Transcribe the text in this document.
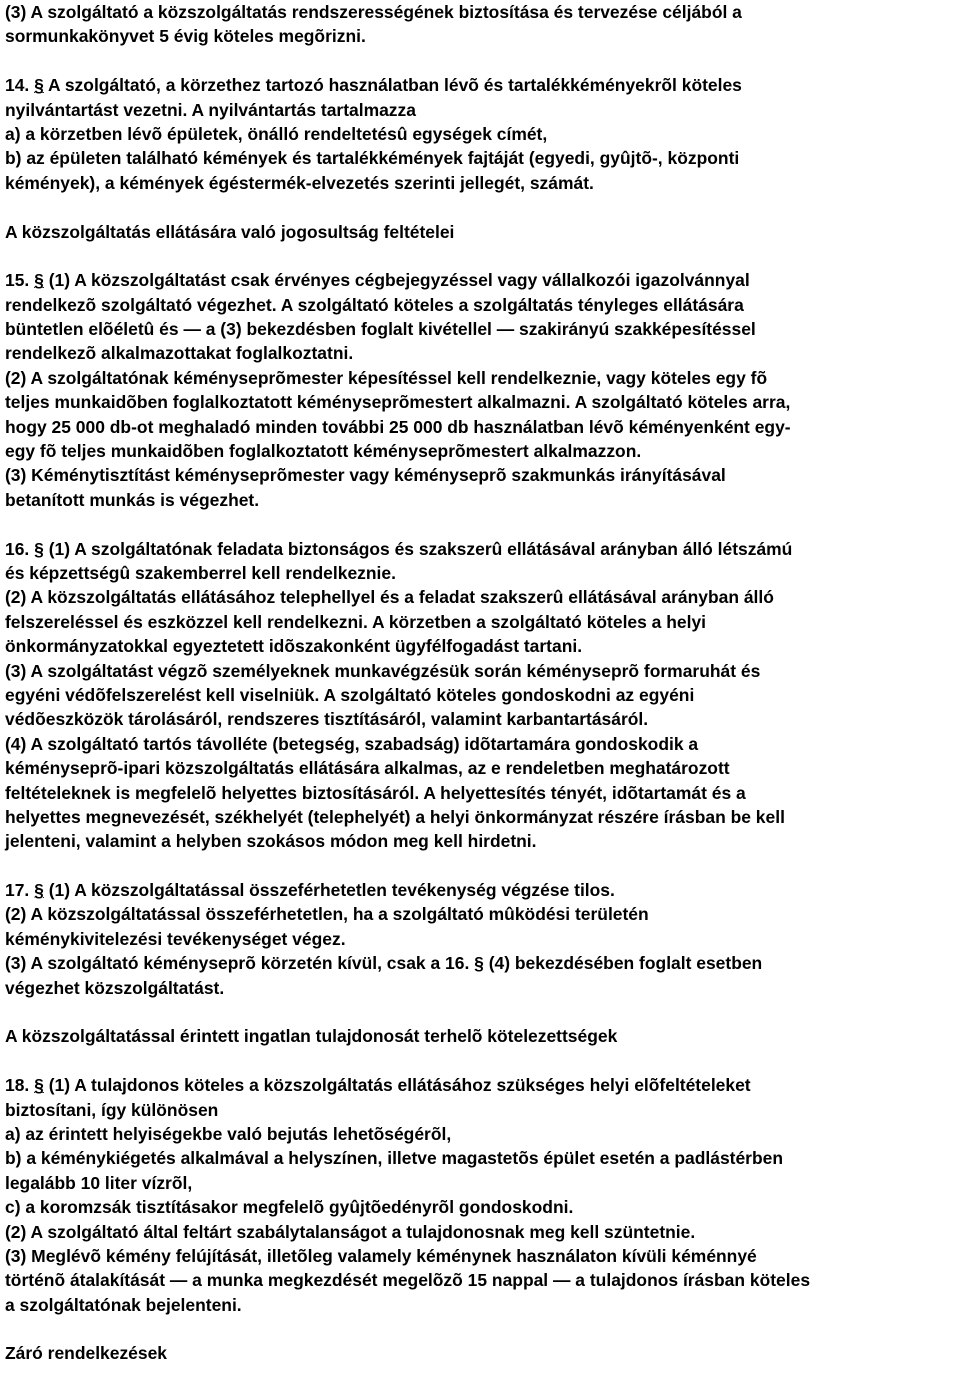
(3) A szolgáltató a közszolgáltatás rendszerességének biztosítása és tervezése céljából a
sormunkakönyvet 5 évig köteles megõrizni.
14. § A szolgáltató, a körzethez tartozó használatban lévõ és tartalékkéményekrõl köteles
nyilvántartást vezetni. A nyilvántartás tartalmazza
a) a körzetben lévõ épületek, önálló rendeltetésû egységek címét,
b) az épületen található kémények és tartalékkémények fajtáját (egyedi, gyûjtõ-, központi
kémények), a kémények égéstermék-elvezetés szerinti jellegét, számát.
A közszolgáltatás ellátására való jogosultság feltételei
15. § (1) A közszolgáltatást csak érvényes cégbejegyzéssel vagy vállalkozói igazolvánnyal
rendelkezõ szolgáltató végezhet. A szolgáltató köteles a szolgáltatás tényleges ellátására
büntetlen elõéletû és — a (3) bekezdésben foglalt kivétellel — szakirányú szakképesítéssel
rendelkezõ alkalmazottakat foglalkoztatni.
(2) A szolgáltatónak kéményseprõmester képesítéssel kell rendelkeznie, vagy köteles egy fõ
teljes munkaidõben foglalkoztatott kéményseprõmestert alkalmazni. A szolgáltató köteles arra,
hogy 25 000 db-ot meghaladó minden további 25 000 db használatban lévõ kéményenként egy-
egy fõ teljes munkaidõben foglalkoztatott kéményseprõmestert alkalmazzon.
(3) Kéménytisztítást kéményseprõmester vagy kéményseprõ szakmunkás irányításával
betanított munkás is végezhet.
16. § (1) A szolgáltatónak feladata biztonságos és szakszerû ellátásával arányban álló létszámú
és képzettségû szakemberrel kell rendelkeznie.
(2) A közszolgáltatás ellátásához telephellyel és a feladat szakszerû ellátásával arányban álló
felszereléssel és eszközzel kell rendelkezni. A körzetben a szolgáltató köteles a helyi
önkormányzatokkal egyeztetett idõszakonként ügyfélfogadást tartani.
(3) A szolgáltatást végzõ személyeknek munkavégzésük során kéményseprõ formaruhát és
egyéni védõfelszerelést kell viselniük. A szolgáltató köteles gondoskodni az egyéni
védõeszközök tárolásáról, rendszeres tisztításáról, valamint karbantartásáról.
(4) A szolgáltató tartós távolléte (betegség, szabadság) idõtartamára gondoskodik a
kéményseprõ-ipari közszolgáltatás ellátására alkalmas, az e rendeletben meghatározott
feltételeknek is megfelelõ helyettes biztosításáról. A helyettesítés tényét, idõtartamát és a
helyettes megnevezését, székhelyét (telephelyét) a helyi önkormányzat részére írásban be kell
jelenteni, valamint a helyben szokásos módon meg kell hirdetni.
17. § (1) A közszolgáltatással összeférhetetlen tevékenység végzése tilos.
(2) A közszolgáltatással összeférhetetlen, ha a szolgáltató mûködési területén
kéménykivitelezési tevékenységet végez.
(3) A szolgáltató kéményseprõ körzetén kívül, csak a 16. § (4) bekezdésében foglalt esetben
végezhet közszolgáltatást.
A közszolgáltatással érintett ingatlan tulajdonosát terhelõ kötelezettségek
18. § (1) A tulajdonos köteles a közszolgáltatás ellátásához szükséges helyi elõfeltételeket
biztosítani, így különösen
a) az érintett helyiségekbe való bejutás lehetõségérõl,
b) a kéménykiégetés alkalmával a helyszínen, illetve magastetõs épület esetén a padlástérben
legalább 10 liter vízrõl,
c) a koromzsák tisztításakor megfelelõ gyûjtõedényrõl gondoskodni.
(2) A szolgáltató által feltárt szabálytalanságot a tulajdonosnak meg kell szüntetnie.
(3) Meglévõ kémény felújítását, illetõleg valamely kéménynek használaton kívüli kéménnyé
történõ átalakítását — a munka megkezdését megelõzõ 15 nappal — a tulajdonos írásban köteles
a szolgáltatónak bejelenteni.
Záró rendelkezések
